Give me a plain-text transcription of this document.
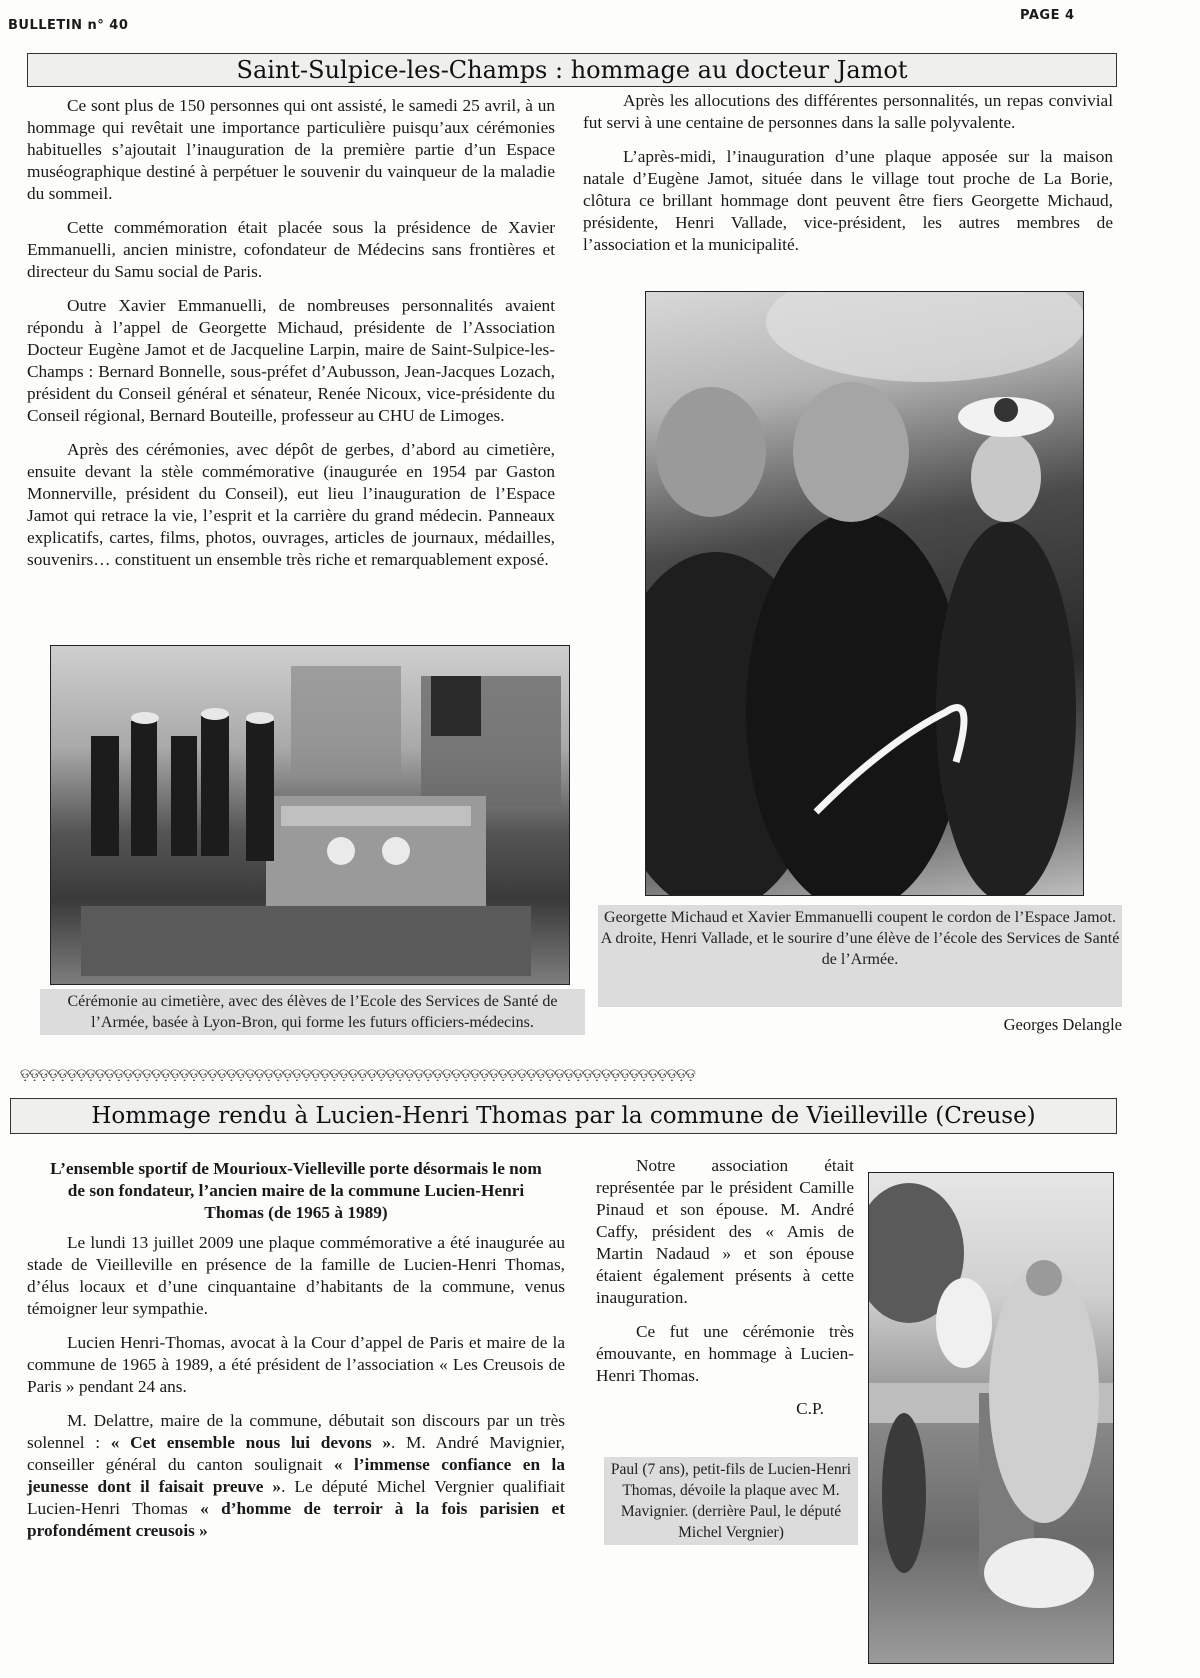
BULLETIN n° 40
PAGE 4
Saint-Sulpice-les-Champs : hommage au docteur Jamot

Ce sont plus de 150 personnes qui ont assisté, le samedi 25 avril, à un hommage qui revêtait une importance particulière puisqu’aux cérémonies habituelles s’ajoutait l’inauguration de la première partie d’un Espace muséographique destiné à perpétuer le souvenir du vainqueur de la maladie du sommeil.

Cette commémoration était placée sous la présidence de Xavier Emmanuelli, ancien ministre, cofondateur de Médecins sans frontières et directeur du Samu social de Paris.

Outre Xavier Emmanuelli, de nombreuses personnalités avaient répondu à l’appel de Georgette Michaud, présidente de l’Association Docteur Eugène Jamot et de Jacqueline Larpin, maire de Saint-Sulpice-les-Champs : Bernard Bonnelle, sous-préfet d’Aubusson, Jean-Jacques Lozach, président du Conseil général et sénateur, Renée Nicoux, vice-présidente du Conseil régional, Bernard Bouteille, professeur au CHU de Limoges.

Après des cérémonies, avec dépôt de gerbes, d’abord au cimetière, ensuite devant la stèle commémorative (inaugurée en 1954 par Gaston Monnerville, président du Conseil), eut lieu l’inauguration de l’Espace Jamot qui retrace la vie, l’esprit et la carrière du grand médecin. Panneaux explicatifs, cartes, films, photos, ouvrages, articles de journaux, médailles, souvenirs… constituent un ensemble très riche et remarquablement exposé.

Après les allocutions des différentes personnalités, un repas convivial fut servi à une centaine de personnes dans la salle polyvalente.

L’après-midi, l’inauguration d’une plaque apposée sur la maison natale d’Eugène Jamot, située dans le village tout proche de La Borie, clôtura ce brillant hommage dont peuvent être fiers Georgette Michaud, présidente, Henri Vallade, vice-président, les autres membres de l’association et la municipalité.

Cérémonie au cimetière, avec des élèves de l’Ecole des Services de Santé de l’Armée, basée à Lyon-Bron, qui forme les futurs officiers-médecins.
Georgette Michaud et Xavier Emmanuelli coupent le cordon de l’Espace Jamot.
A droite, Henri Vallade, et le sourire d’une élève de l’école des Services de Santé de l’Armée.
Georges Delangle
ଡ଼ଡ଼ଡ଼ଡ଼ଡ଼ଡ଼ଡ଼ଡ଼ଡ଼ଡ଼ଡ଼ଡ଼ଡ଼ଡ଼ଡ଼ଡ଼ଡ଼ଡ଼ଡ଼ଡ଼ଡ଼ଡ଼ଡ଼ଡ଼ଡ଼ଡ଼ଡ଼ଡ଼ଡ଼ଡ଼ଡ଼ଡ଼ଡ଼ଡ଼ଡ଼ଡ଼ଡ଼ଡ଼ଡ଼ଡ଼ଡ଼ଡ଼ଡ଼ଡ଼ଡ଼ଡ଼ଡ଼ଡ଼ଡ଼ଡ଼ଡ଼ଡ଼ଡ଼ଡ଼ଡ଼ଡ଼ଡ଼ଡ଼ଡ଼ଡ଼ଡ଼ଡ଼ଡ଼ଡ଼ଡ଼ଡ଼ଡ଼ଡ଼ଡ଼ଡ଼ଡ଼ଡ଼
Hommage rendu à Lucien-Henri Thomas par la commune de Vieilleville (Creuse)
L’ensemble sportif de Mourioux-Vielleville porte désormais le nom de son fondateur, l’ancien maire de la commune Lucien-Henri Thomas (de 1965 à 1989)

Le lundi 13 juillet 2009 une plaque commémorative a été inaugurée au stade de Vieilleville en présence de la famille de Lucien-Henri Thomas, d’élus locaux et d’une cinquantaine d’habitants de la commune, venus témoigner leur sympathie.

Lucien Henri-Thomas, avocat à la Cour d’appel de Paris et maire de la commune de 1965 à 1989, a été président de l’association « Les Creusois de Paris » pendant 24 ans.

M. Delattre, maire de la commune, débutait son discours par un très solennel : « Cet ensemble nous lui devons ». M. André Mavignier, conseiller général du canton soulignait « l’immense confiance en la jeunesse dont il faisait preuve ». Le député Michel Vergnier qualifiait Lucien-Henri Thomas « d’homme de terroir à la fois parisien et profondément creusois »

Notre association était représentée par le président Camille Pinaud et son épouse. M. André Caffy, président des « Amis de Martin Nadaud » et son épouse étaient également présents à cette inauguration.

Ce fut une cérémonie très émouvante, en hommage à Lucien-Henri Thomas.

C.P.
Paul (7 ans), petit-fils de Lucien-Henri Thomas, dévoile la plaque avec M. Mavignier. (derrière Paul, le député Michel Vergnier)
